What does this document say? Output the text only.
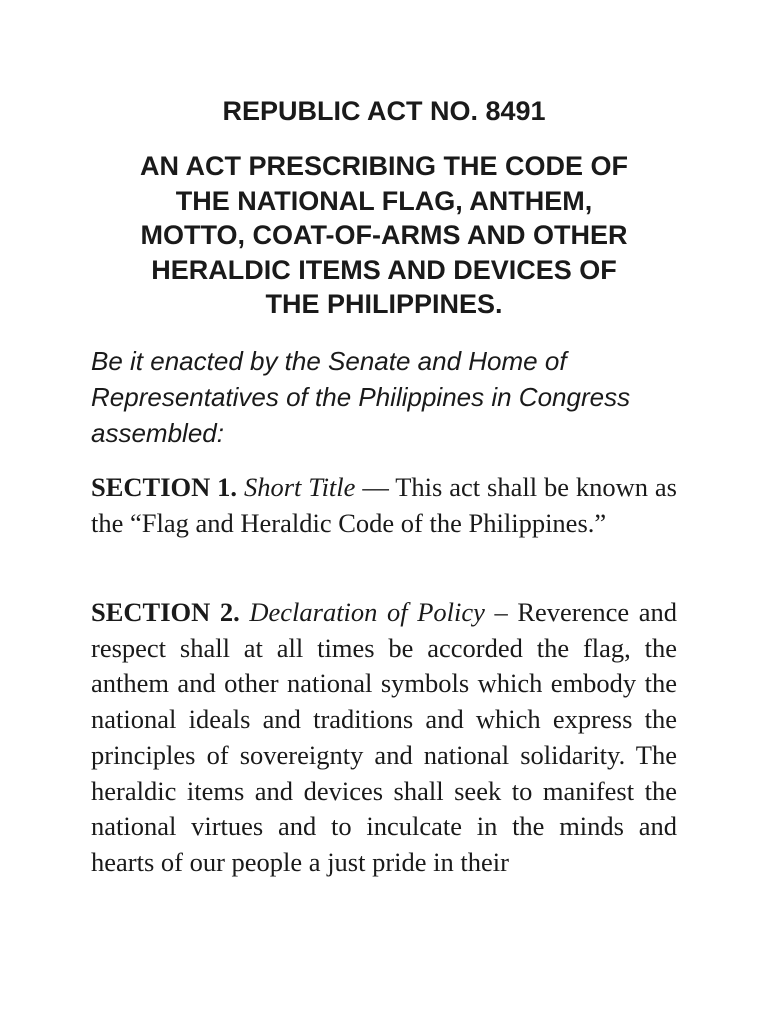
REPUBLIC ACT NO. 8491
AN ACT PRESCRIBING THE CODE OF
THE NATIONAL FLAG, ANTHEM,
MOTTO, COAT-OF-ARMS AND OTHER
HERALDIC ITEMS AND DEVICES OF
THE PHILIPPINES.

Be it enacted by the Senate and Home of Representatives of the Philippines in Congress assembled:

SECTION 1. Short Title — This act shall be known as the “Flag and Heraldic Code of the Philippines.”

SECTION 2. Declaration of Policy – Reverence and respect shall at all times be accorded the flag, the anthem and other national symbols which embody the national ideals and traditions and which express the principles of sovereignty and national solidarity. The heraldic items and devices shall seek to manifest the national virtues and to inculcate in the minds and hearts of our people a just pride in their
